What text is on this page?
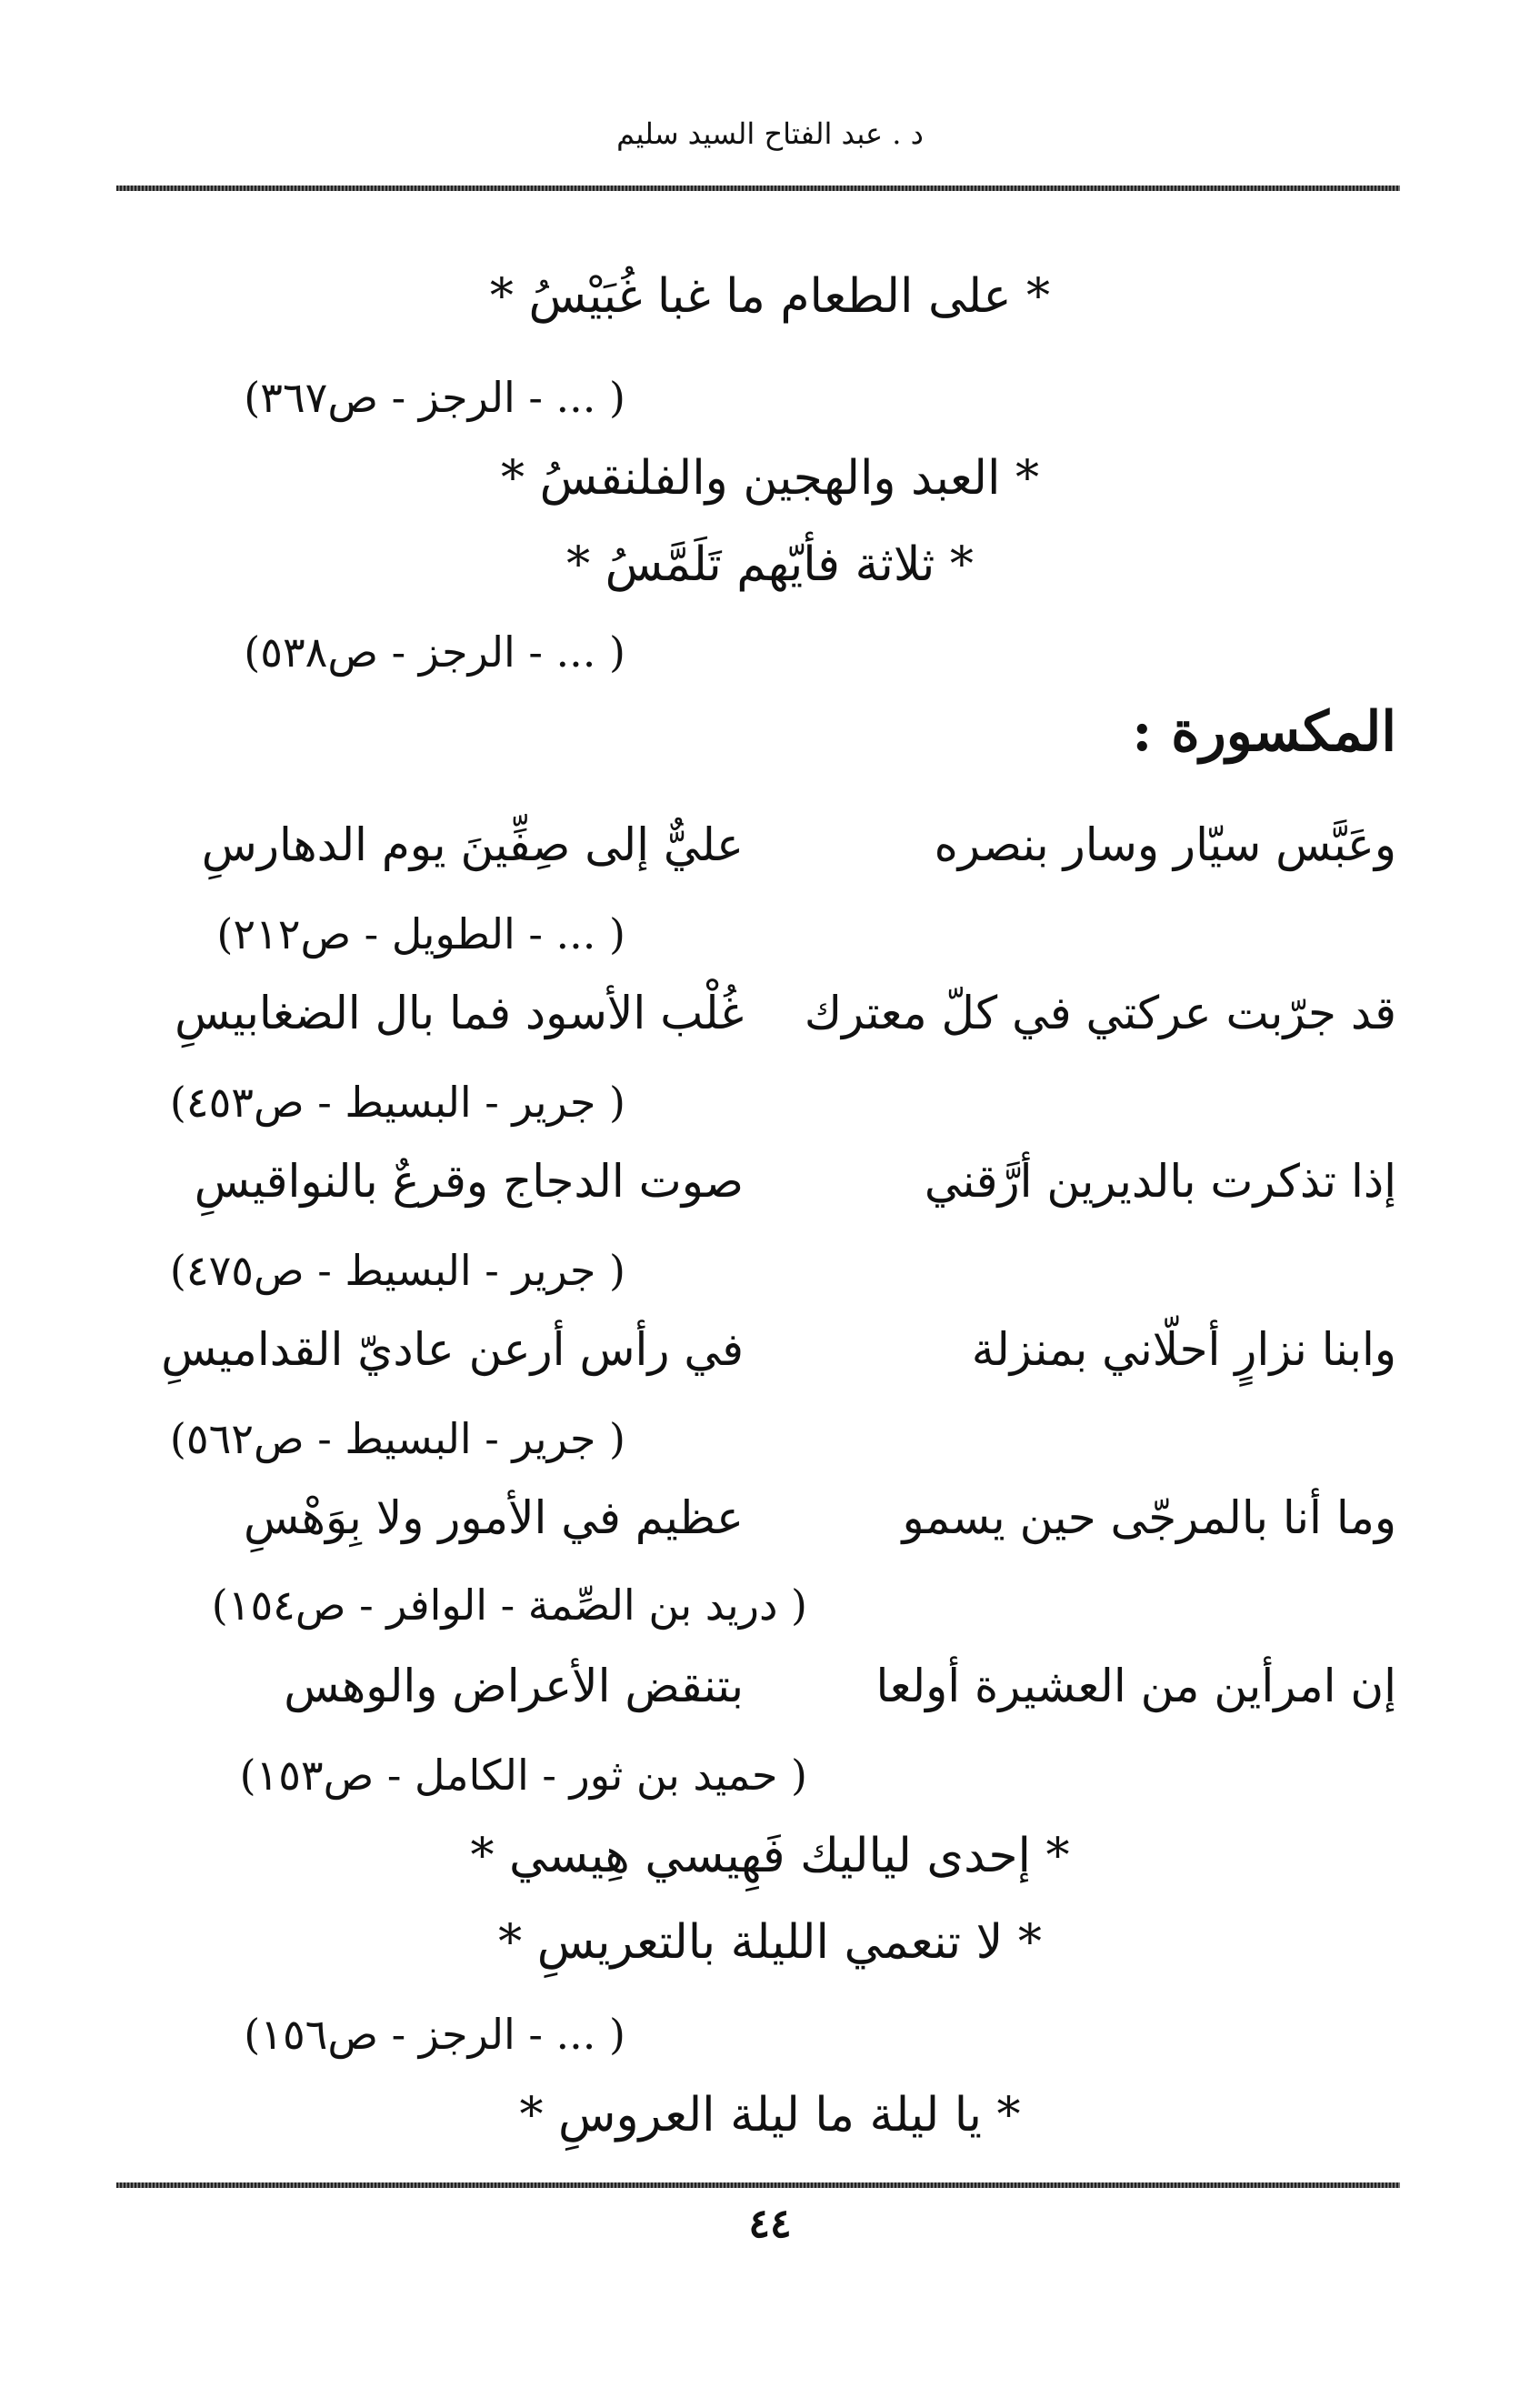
د . عبد الفتاح السيد سليم
* على الطعام ما غبا غُبَيْسُ *
( ... - الرجز - ص٣٦٧)
* العبد والهجين والفلنقسُ *
* ثلاثة فأيّهم تَلَمَّسُ *
( ... - الرجز - ص٥٣٨)
المكسورة :
وعَبَّس سيّار وسار بنصره
عليٌّ إلى صِفِّينَ يوم الدهارسِ
( ... - الطويل - ص٢١٢)
قد جرّبت عركتي في كلّ معترك
غُلْب الأسود فما بال الضغابيسِ
( جرير - البسيط - ص٤٥٣)
إذا تذكرت بالديرين أرَّقني
صوت الدجاج وقرعٌ بالنواقيسِ
( جرير - البسيط - ص٤٧٥)
وابنا نزارٍ أحلّاني بمنزلة
في رأس أرعن عاديّ القداميسِ
( جرير - البسيط - ص٥٦٢)
وما أنا بالمرجّى حين يسمو
عظيم في الأمور ولا بِوَهْسِ
( دريد بن الصِّمة - الوافر - ص١٥٤)
إن امرأين من العشيرة أولعا
بتنقض الأعراض والوهس
( حميد بن ثور - الكامل - ص١٥٣)
* إحدى لياليك فَهِيسي هِيسي *
* لا تنعمي الليلة بالتعريسِ *
( ... - الرجز - ص١٥٦)
* يا ليلة ما ليلة العروسِ *
٤٤
